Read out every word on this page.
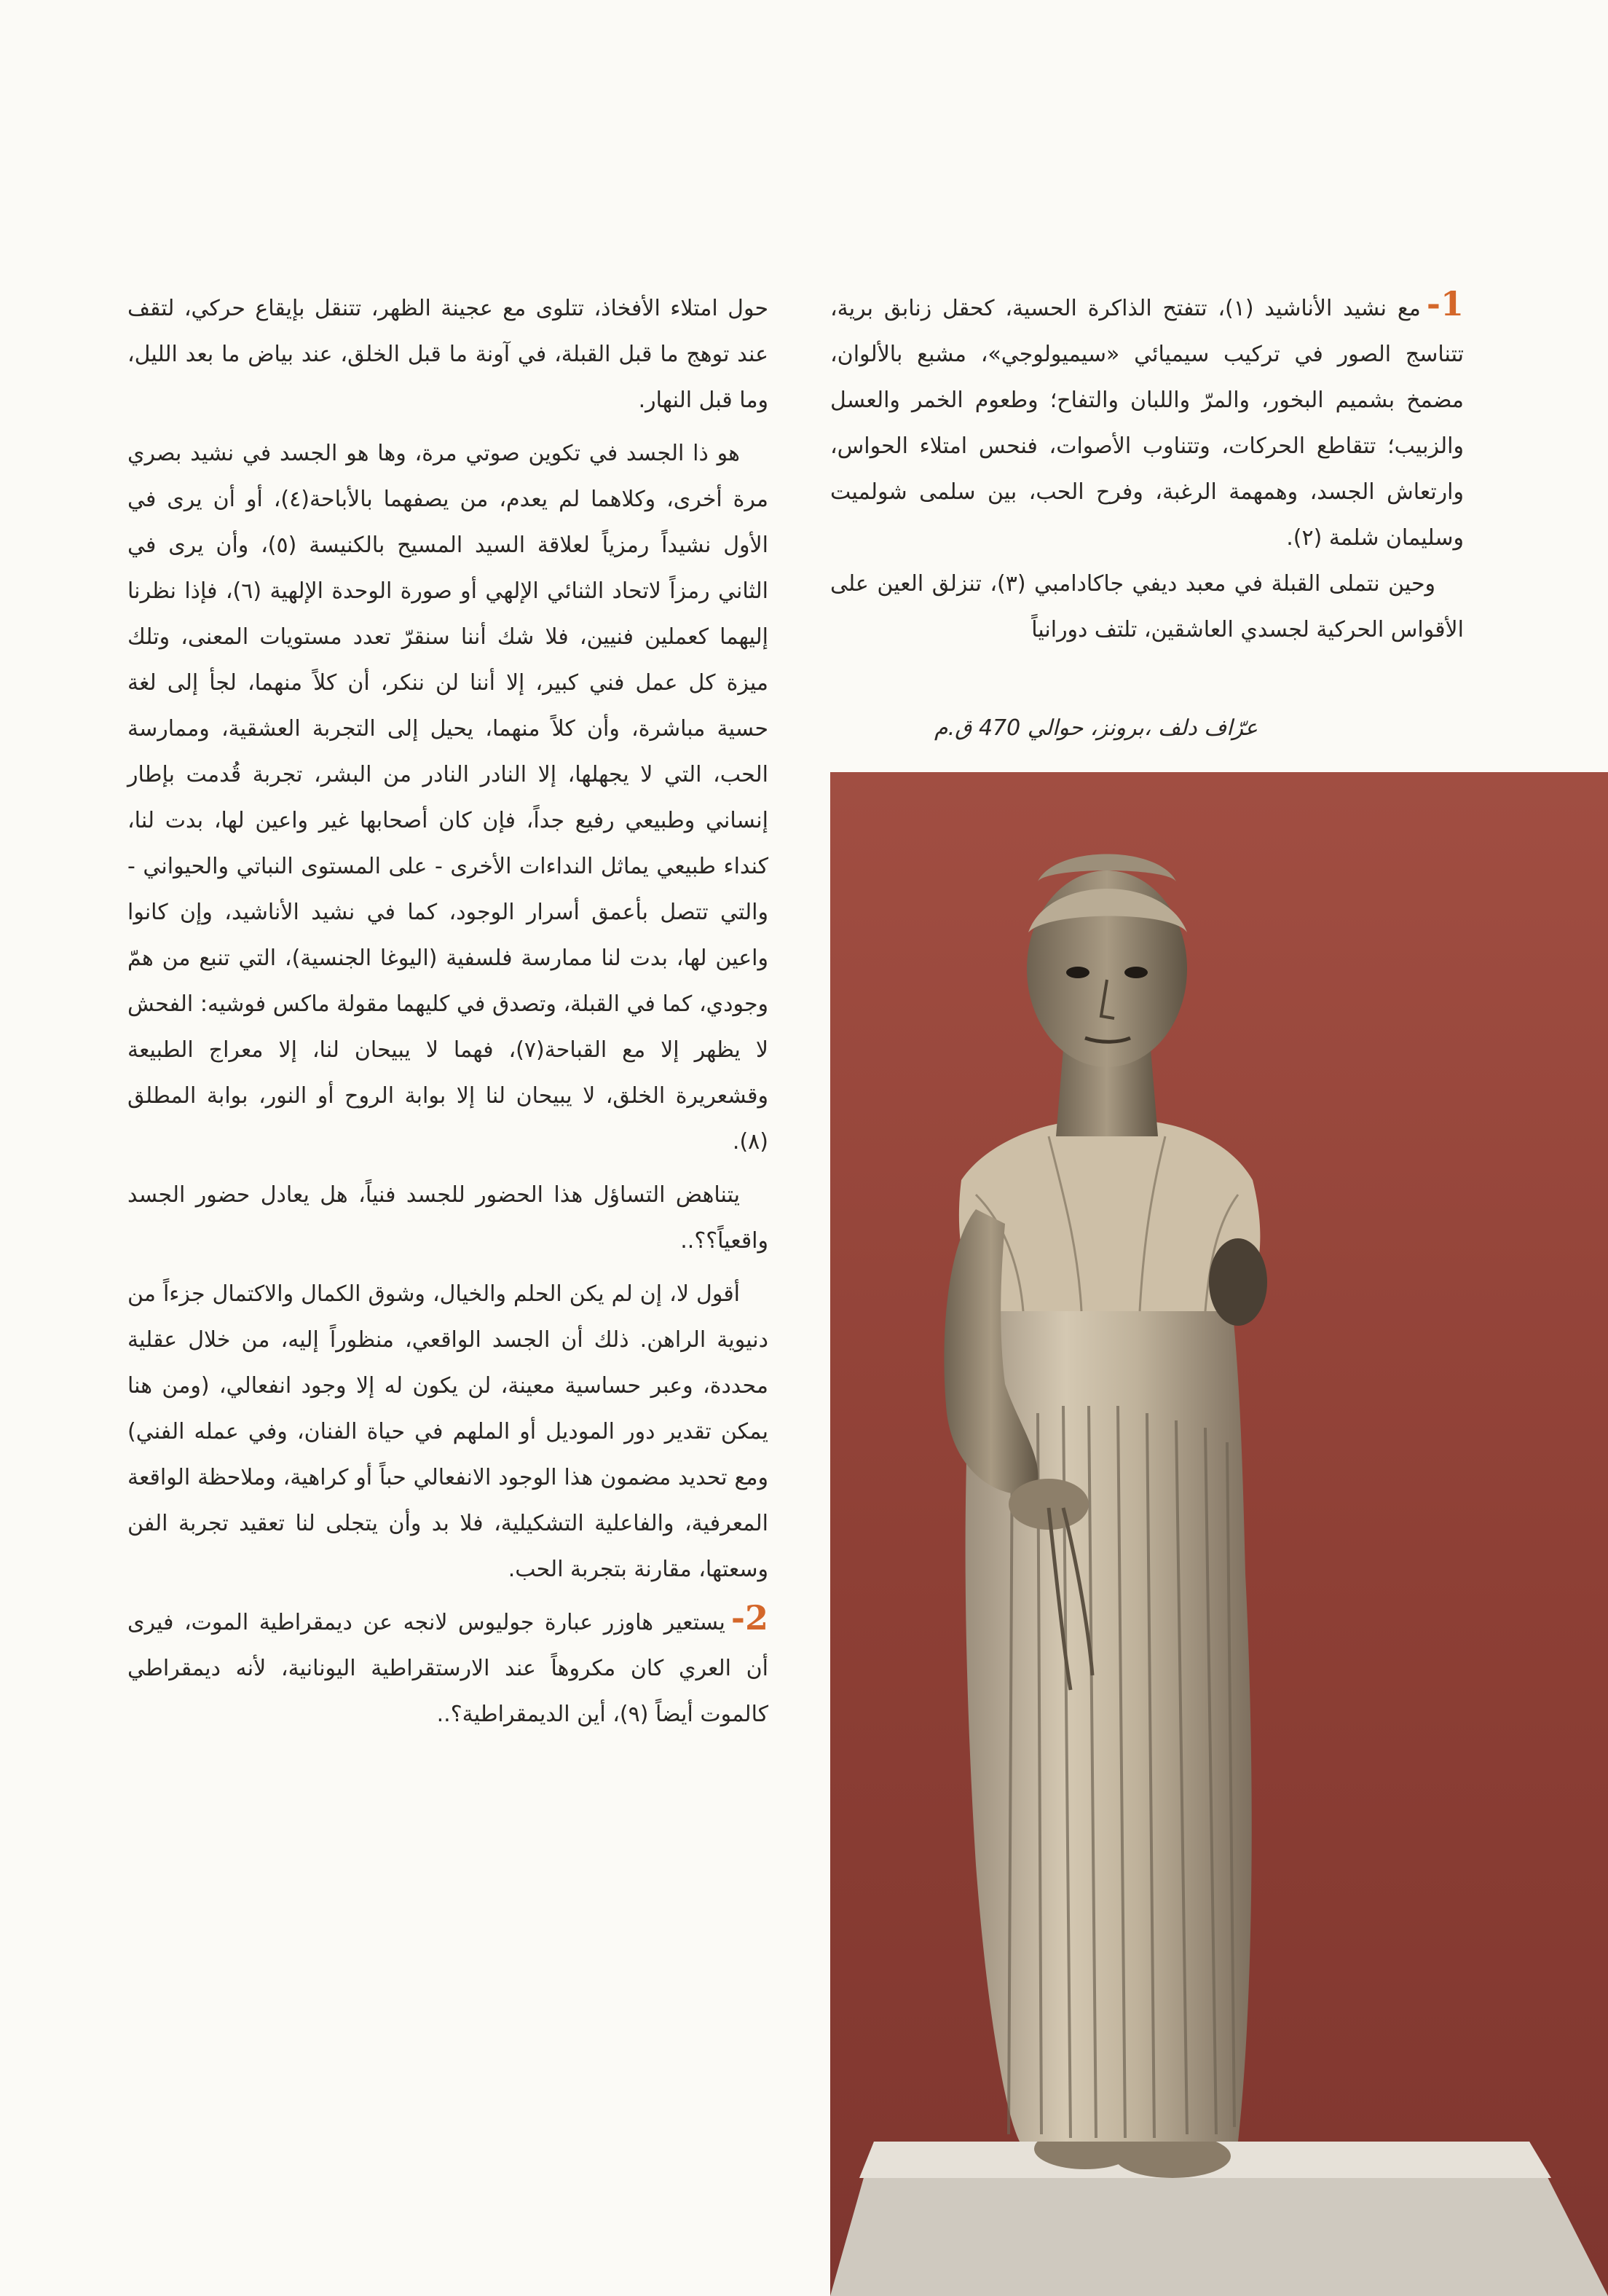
1-مع نشيد الأناشيد (١)، تتفتح الذاكرة الحسية، كحقل زنابق برية، تتناسج الصور في تركيب سيميائي «سيميولوجي»، مشبع بالألوان، مضمخ بشميم البخور، والمرّ واللبان والتفاح؛ وطعوم الخمر والعسل والزبيب؛ تتقاطع الحركات، وتتناوب الأصوات، فنحس امتلاء الحواس، وارتعاش الجسد، وهمهمة الرغبة، وفرح الحب، بين سلمى شولميت وسليمان شلمة (٢).

وحين نتملى القبلة في معبد ديفي جاكادامبي (٣)، تنزلق العين على الأقواس الحركية لجسدي العاشقين، تلتف دورانياً

عرّاف دلف ،برونز، حوالي 470 ق.م

حول امتلاء الأفخاذ، تتلوى مع عجينة الظهر، تتنقل بإيقاع حركي، لتقف عند توهج ما قبل القبلة، في آونة ما قبل الخلق، عند بياض ما بعد الليل، وما قبل النهار.

هو ذا الجسد في تكوين صوتي مرة، وها هو الجسد في نشيد بصري مرة أخرى، وكلاهما لم يعدم، من يصفهما بالأباحة(٤)، أو أن يرى في الأول نشيداً رمزياً لعلاقة السيد المسيح بالكنيسة (٥)، وأن يرى في الثاني رمزاً لاتحاد الثنائي الإلهي أو صورة الوحدة الإلهية (٦)، فإذا نظرنا إليهما كعملين فنيين، فلا شك أننا سنقرّ تعدد مستويات المعنى، وتلك ميزة كل عمل فني كبير، إلا أننا لن ننكر، أن كلاً منهما، لجأ إلى لغة حسية مباشرة، وأن كلاً منهما، يحيل إلى التجربة العشقية، وممارسة الحب، التي لا يجهلها، إلا النادر النادر من البشر، تجربة قُدمت بإطار إنساني وطبيعي رفيع جداً، فإن كان أصحابها غير واعين لها، بدت لنا، كنداء طبيعي يماثل النداءات الأخرى - على المستوى النباتي والحيواني - والتي تتصل بأعمق أسرار الوجود، كما في نشيد الأناشيد، وإن كانوا واعين لها، بدت لنا ممارسة فلسفية (اليوغا الجنسية)، التي تنبع من همّ وجودي، كما في القبلة، وتصدق في كليهما مقولة ماكس فوشيه: الفحش لا يظهر إلا مع القباحة(٧)، فهما لا يبيحان لنا، إلا معراج الطبيعة وقشعريرة الخلق، لا يبيحان لنا إلا بوابة الروح أو النور، بوابة المطلق (٨).

يتناهض التساؤل هذا الحضور للجسد فنياً، هل يعادل حضور الجسد واقعياً؟؟..

أقول لا، إن لم يكن الحلم والخيال، وشوق الكمال والاكتمال جزءاً من دنيوية الراهن. ذلك أن الجسد الواقعي، منظوراً إليه، من خلال عقلية محددة، وعبر حساسية معينة، لن يكون له إلا وجود انفعالي، (ومن هنا يمكن تقدير دور الموديل أو الملهم في حياة الفنان، وفي عمله الفني) ومع تحديد مضمون هذا الوجود الانفعالي حباً أو كراهية، وملاحظة الواقعة المعرفية، والفاعلية التشكيلية، فلا بد وأن يتجلى لنا تعقيد تجربة الفن وسعتها، مقارنة بتجربة الحب.

2-يستعير هاوزر عبارة جوليوس لانجه عن ديمقراطية الموت، فيرى أن العري كان مكروهاً عند الارستقراطية اليونانية، لأنه ديمقراطي كالموت أيضاً (٩)، أين الديمقراطية؟..
